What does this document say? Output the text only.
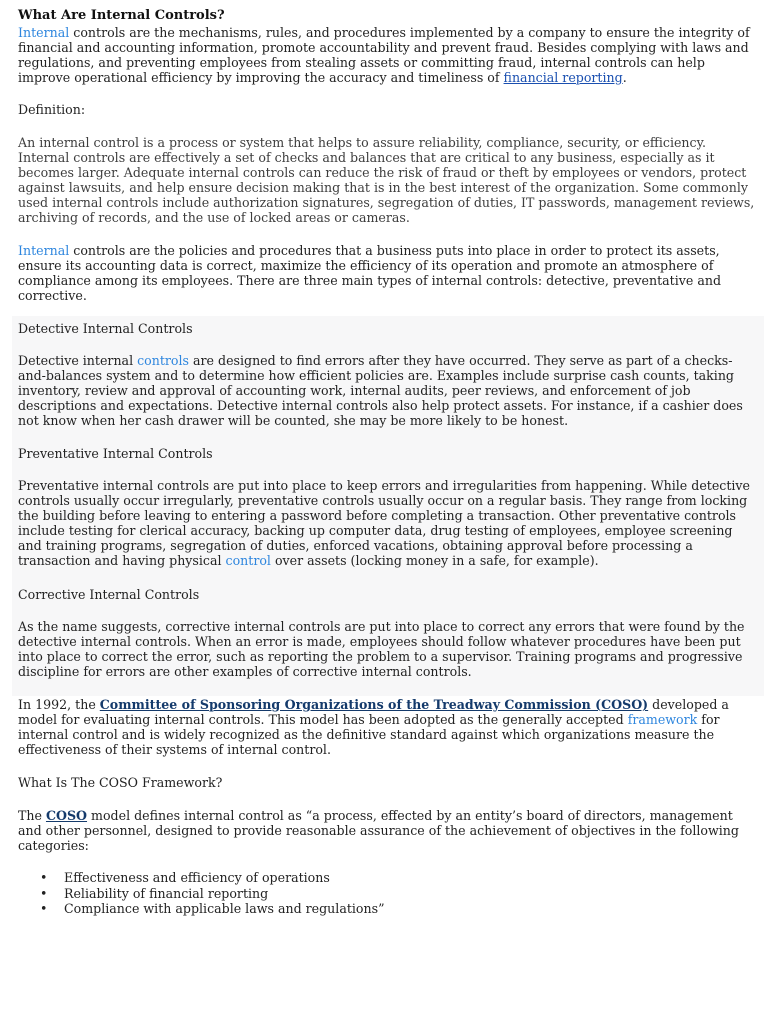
What Are Internal Controls?

Internal controls are the mechanisms, rules, and procedures implemented by a company to ensure the integrity of financial and accounting information, promote accountability and prevent fraud. Besides complying with laws and regulations, and preventing employees from stealing assets or committing fraud, internal controls can help improve operational efficiency by improving the accuracy and timeliness of financial reporting.

Definition:

An internal control is a process or system that helps to assure reliability, compliance, security, or efficiency. Internal controls are effectively a set of checks and balances that are critical to any business, especially as it becomes larger. Adequate internal controls can reduce the risk of fraud or theft by employees or vendors, protect against lawsuits, and help ensure decision making that is in the best interest of the organization. Some commonly used internal controls include authorization signatures, segregation of duties, IT passwords, management reviews, archiving of records, and the use of locked areas or cameras.

Internal controls are the policies and procedures that a business puts into place in order to protect its assets, ensure its accounting data is correct, maximize the efficiency of its operation and promote an atmosphere of compliance among its employees. There are three main types of internal controls: detective, preventative and corrective.

Detective Internal Controls

Detective internal controls are designed to find errors after they have occurred. They serve as part of a checks-and-balances system and to determine how efficient policies are. Examples include surprise cash counts, taking inventory, review and approval of accounting work, internal audits, peer reviews, and enforcement of job descriptions and expectations. Detective internal controls also help protect assets. For instance, if a cashier does not know when her cash drawer will be counted, she may be more likely to be honest.

Preventative Internal Controls

Preventative internal controls are put into place to keep errors and irregularities from happening. While detective controls usually occur irregularly, preventative controls usually occur on a regular basis. They range from locking the building before leaving to entering a password before completing a transaction. Other preventative controls include testing for clerical accuracy, backing up computer data, drug testing of employees, employee screening and training programs, segregation of duties, enforced vacations, obtaining approval before processing a transaction and having physical control over assets (locking money in a safe, for example).

Corrective Internal Controls

As the name suggests, corrective internal controls are put into place to correct any errors that were found by the detective internal controls. When an error is made, employees should follow whatever procedures have been put into place to correct the error, such as reporting the problem to a supervisor. Training programs and progressive discipline for errors are other examples of corrective internal controls.

In 1992, the Committee of Sponsoring Organizations of the Treadway Commission (COSO) developed a model for evaluating internal controls. This model has been adopted as the generally accepted framework for internal control and is widely recognized as the definitive standard against which organizations measure the effectiveness of their systems of internal control.

What Is The COSO Framework?

The COSO model defines internal control as “a process, effected by an entity’s board of directors, management and other personnel, designed to provide reasonable assurance of the achievement of objectives in the following categories:

• Effectiveness and efficiency of operations
• Reliability of financial reporting
• Compliance with applicable laws and regulations”
